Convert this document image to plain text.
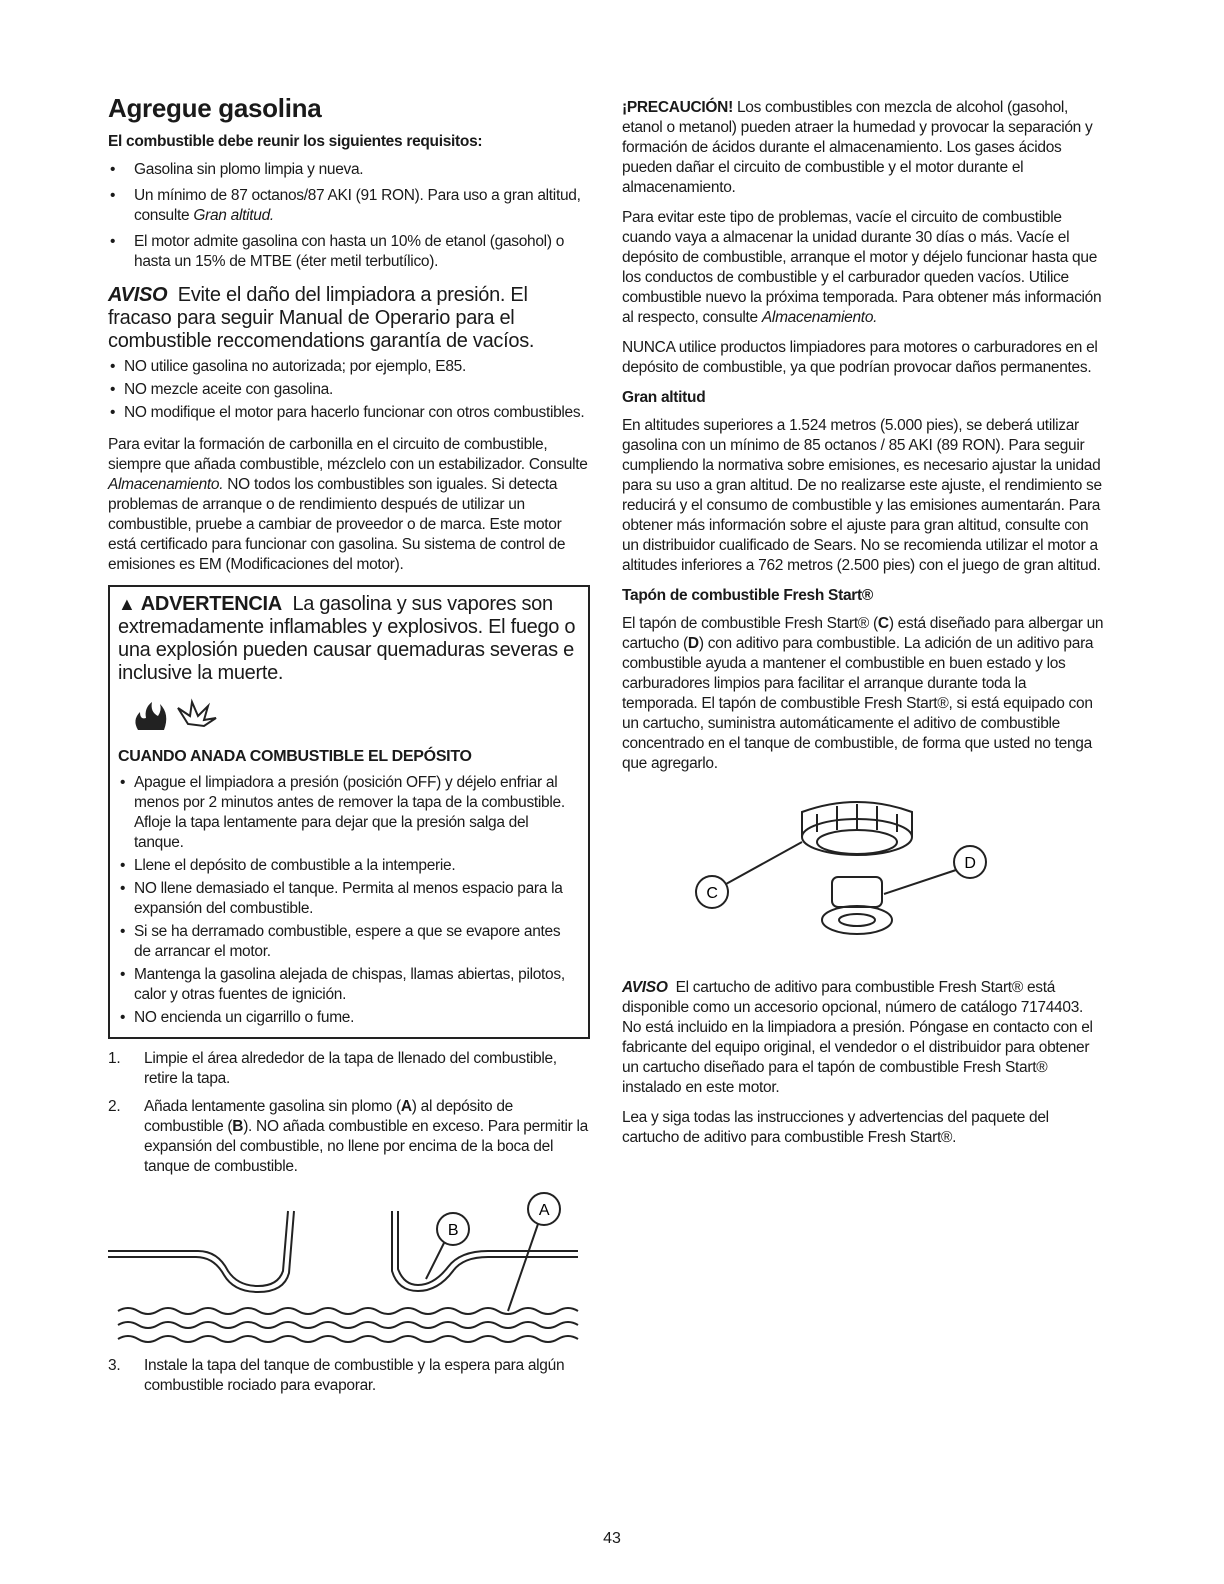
Agregue gasolina
El combustible debe reunir los siguientes requisitos:
• Gasolina sin plomo limpia y nueva.
• Un mínimo de 87 octanos/87 AKI (91 RON). Para uso a gran altitud, consulte Gran altitud.
• El motor admite gasolina con hasta un 10% de etanol (gasohol) o hasta un 15% de MTBE (éter metil terbutílico).
AVISO Evite el daño del limpiadora a presión. El fracaso para seguir Manual de Operario para el combustible reccomendations garantía de vacíos.
• NO utilice gasolina no autorizada; por ejemplo, E85.
• NO mezcle aceite con gasolina.
• NO modifique el motor para hacerlo funcionar con otros combustibles.

Para evitar la formación de carbonilla en el circuito de combustible, siempre que añada combustible, mézclelo con un estabilizador. Consulte Almacenamiento. NO todos los combustibles son iguales. Si detecta problemas de arranque o de rendimiento después de utilizar un combustible, pruebe a cambiar de proveedor o de marca. Este motor está certificado para funcionar con gasolina. Su sistema de control de emisiones es EM (Modificaciones del motor).

▲ ADVERTENCIA La gasolina y sus vapores son extremadamente inflamables y explosivos. El fuego o una explosión pueden causar quemaduras severas e inclusive la muerte.
CUANDO ANADA COMBUSTIBLE EL DEPÓSITO
• Apague el limpiadora a presión (posición OFF) y déjelo enfriar al menos por 2 minutos antes de remover la tapa de la combustible. Afloje la tapa lentamente para dejar que la presión salga del tanque.
• Llene el depósito de combustible a la intemperie.
• NO llene demasiado el tanque. Permita al menos espacio para la expansión del combustible.
• Si se ha derramado combustible, espere a que se evapore antes de arrancar el motor.
• Mantenga la gasolina alejada de chispas, llamas abiertas, pilotos, calor y otras fuentes de ignición.
• NO encienda un cigarrillo o fume.
1. Limpie el área alrededor de la tapa de llenado del combustible, retire la tapa.
2. Añada lentamente gasolina sin plomo (A) al depósito de combustible (B). NO añada combustible en exceso. Para permitir la expansión del combustible, no llene por encima de la boca del tanque de combustible.
B
A
3. Instale la tapa del tanque de combustible y la espera para algún combustible rociado para evaporar.

¡PRECAUCIÓN! Los combustibles con mezcla de alcohol (gasohol, etanol o metanol) pueden atraer la humedad y provocar la separación y formación de ácidos durante el almacenamiento. Los gases ácidos pueden dañar el circuito de combustible y el motor durante el almacenamiento.

Para evitar este tipo de problemas, vacíe el circuito de combustible cuando vaya a almacenar la unidad durante 30 días o más. Vacíe el depósito de combustible, arranque el motor y déjelo funcionar hasta que los conductos de combustible y el carburador queden vacíos. Utilice combustible nuevo la próxima temporada. Para obtener más información al respecto, consulte Almacenamiento.

NUNCA utilice productos limpiadores para motores o carburadores en el depósito de combustible, ya que podrían provocar daños permanentes.

Gran altitud

En altitudes superiores a 1.524 metros (5.000 pies), se deberá utilizar gasolina con un mínimo de 85 octanos / 85 AKI (89 RON). Para seguir cumpliendo la normativa sobre emisiones, es necesario ajustar la unidad para su uso a gran altitud. De no realizarse este ajuste, el rendimiento se reducirá y el consumo de combustible y las emisiones aumentarán. Para obtener más información sobre el ajuste para gran altitud, consulte con un distribuidor cualificado de Sears. No se recomienda utilizar el motor a altitudes inferiores a 762 metros (2.500 pies) con el juego de gran altitud.

Tapón de combustible Fresh Start®

El tapón de combustible Fresh Start® (C) está diseñado para albergar un cartucho (D) con aditivo para combustible. La adición de un aditivo para combustible ayuda a mantener el combustible en buen estado y los carburadores limpios para facilitar el arranque durante toda la temporada. El tapón de combustible Fresh Start®, si está equipado con un cartucho, suministra automáticamente el aditivo de combustible concentrado en el tanque de combustible, de forma que usted no tenga que agregarlo.

C
D

AVISO El cartucho de aditivo para combustible Fresh Start® está disponible como un accesorio opcional, número de catálogo 7174403. No está incluido en la limpiadora a presión. Póngase en contacto con el fabricante del equipo original, el vendedor o el distribuidor para obtener un cartucho diseñado para el tapón de combustible Fresh Start® instalado en este motor.

Lea y siga todas las instrucciones y advertencias del paquete del cartucho de aditivo para combustible Fresh Start®.

43
